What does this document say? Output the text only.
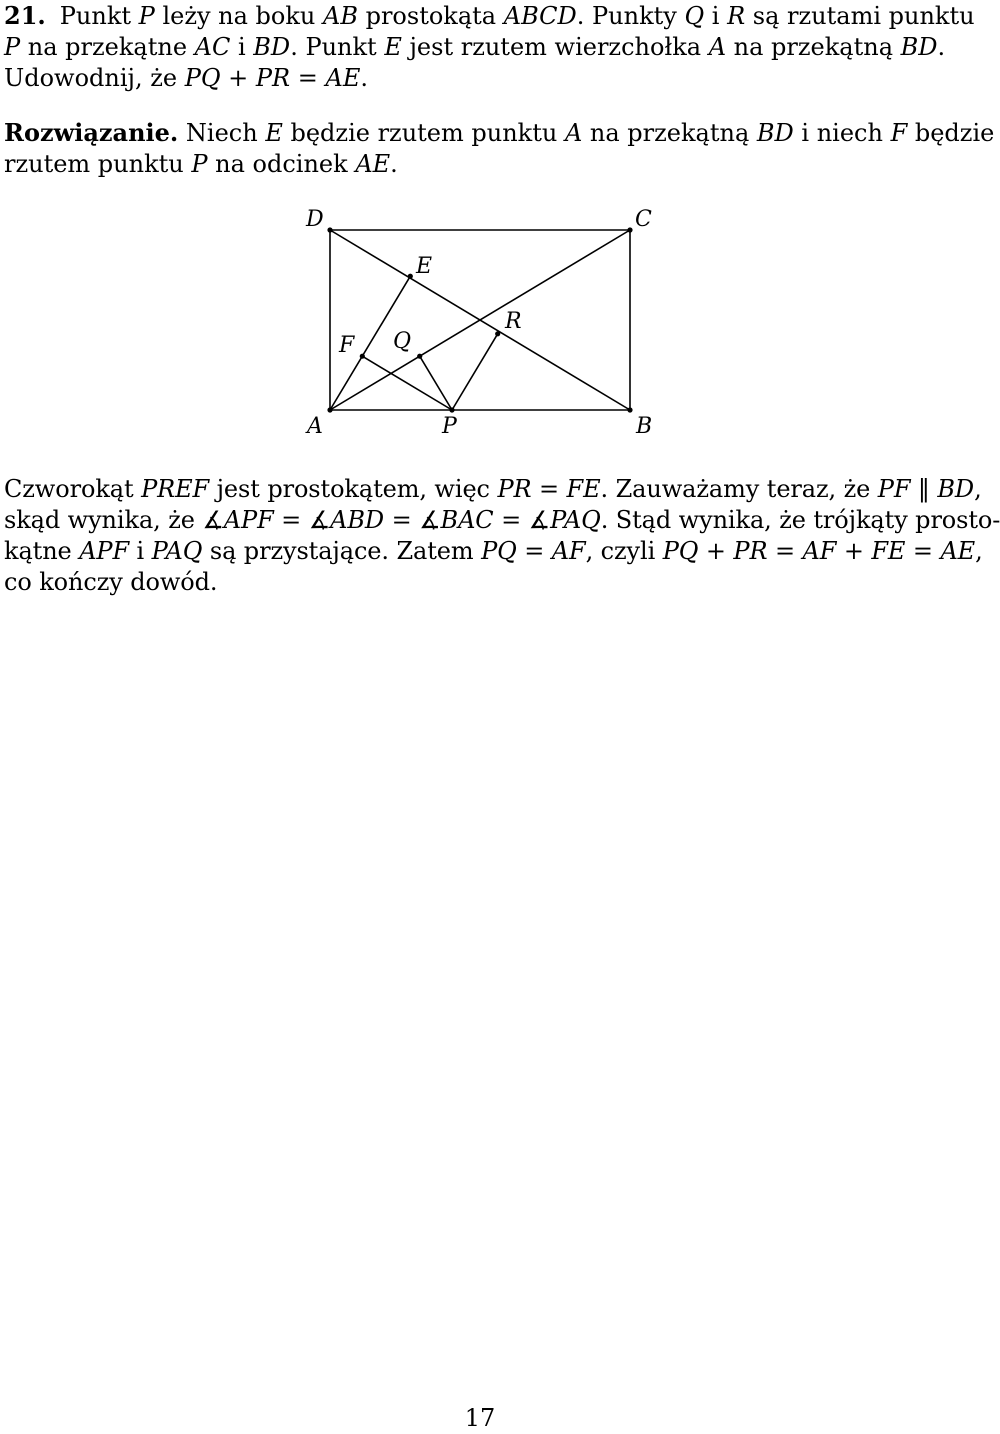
21. Punkt P leży na boku AB prostokąta ABCD. Punkty Q i R są rzutami punktu
P na przekątne AC i BD. Punkt E jest rzutem wierzchołka A na przekątną BD.
Udowodnij, że PQ + PR = AE.
Rozwiązanie. Niech E będzie rzutem punktu A na przekątną BD i niech F będzie
rzutem punktu P na odcinek AE.
D	C
E
R
F Q
A	P	B
Czworokąt PREF jest prostokątem, więc PR = FE. Zauważamy teraz, że PF ‖ BD,
skąd wynika, że ∡APF = ∡ABD = ∡BAC = ∡PAQ. Stąd wynika, że trójkąty prosto-
kątne APF i PAQ są przystające. Zatem PQ = AF, czyli PQ + PR = AF + FE = AE,
co kończy dowód.
17
